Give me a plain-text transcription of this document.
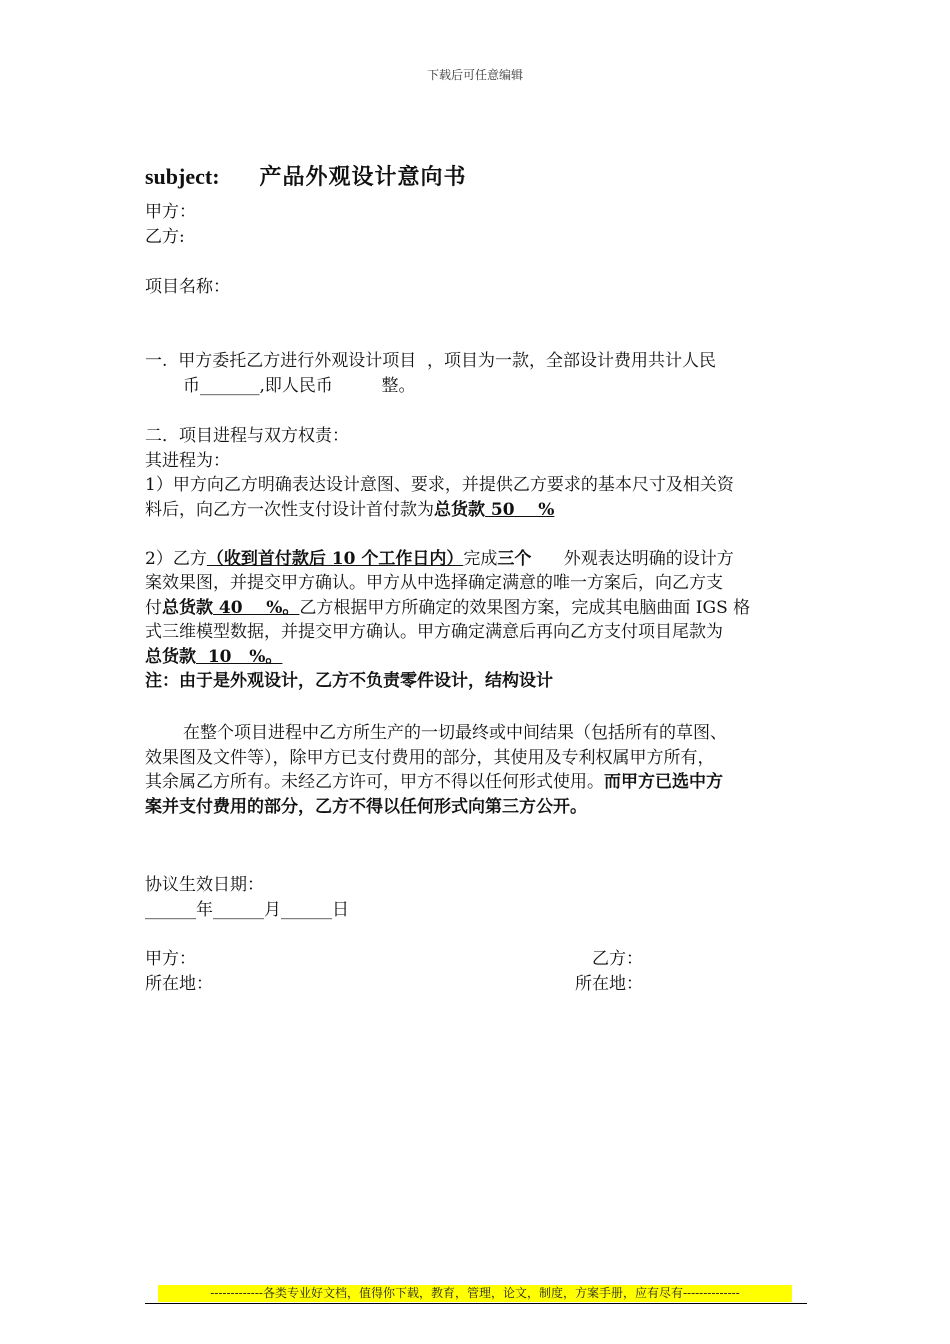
下载后可任意编辑
subject: 产品外观设计意向书
甲方：
乙方:
项目名称：
一.  甲方委托乙方进行外观设计项目  ，项目为一款，全部设计费用共计人民
币_______,即人民币         整。
二．项目进程与双方权责：
其进程为：
1）甲方向乙方明确表达设计意图、要求，并提供乙方要求的基本尺寸及相关资
料后，向乙方一次性支付设计首付款为总货款 50    %
2）乙方（收到首付款后 10 个工作日内）完成三个      外观表达明确的设计方
案效果图，并提交甲方确认。甲方从中选择确定满意的唯一方案后，向乙方支
付总货款 40    %。乙方根据甲方所确定的效果图方案，完成其电脑曲面 IGS 格
式三维模型数据，并提交甲方确认。甲方确定满意后再向乙方支付项目尾款为
总货款  10   %。
注：由于是外观设计，乙方不负责零件设计，结构设计
在整个项目进程中乙方所生产的一切最终或中间结果（包括所有的草图、
效果图及文件等），除甲方已支付费用的部分，其使用及专利权属甲方所有，
其余属乙方所有。未经乙方许可，甲方不得以任何形式使用。而甲方已选中方
案并支付费用的部分，乙方不得以任何形式向第三方公开。
协议生效日期：
______年______月______日
甲方：
所在地：
乙方：
所在地：
-------------各类专业好文档，值得你下载，教育，管理，论文，制度，方案手册，应有尽有--------------
